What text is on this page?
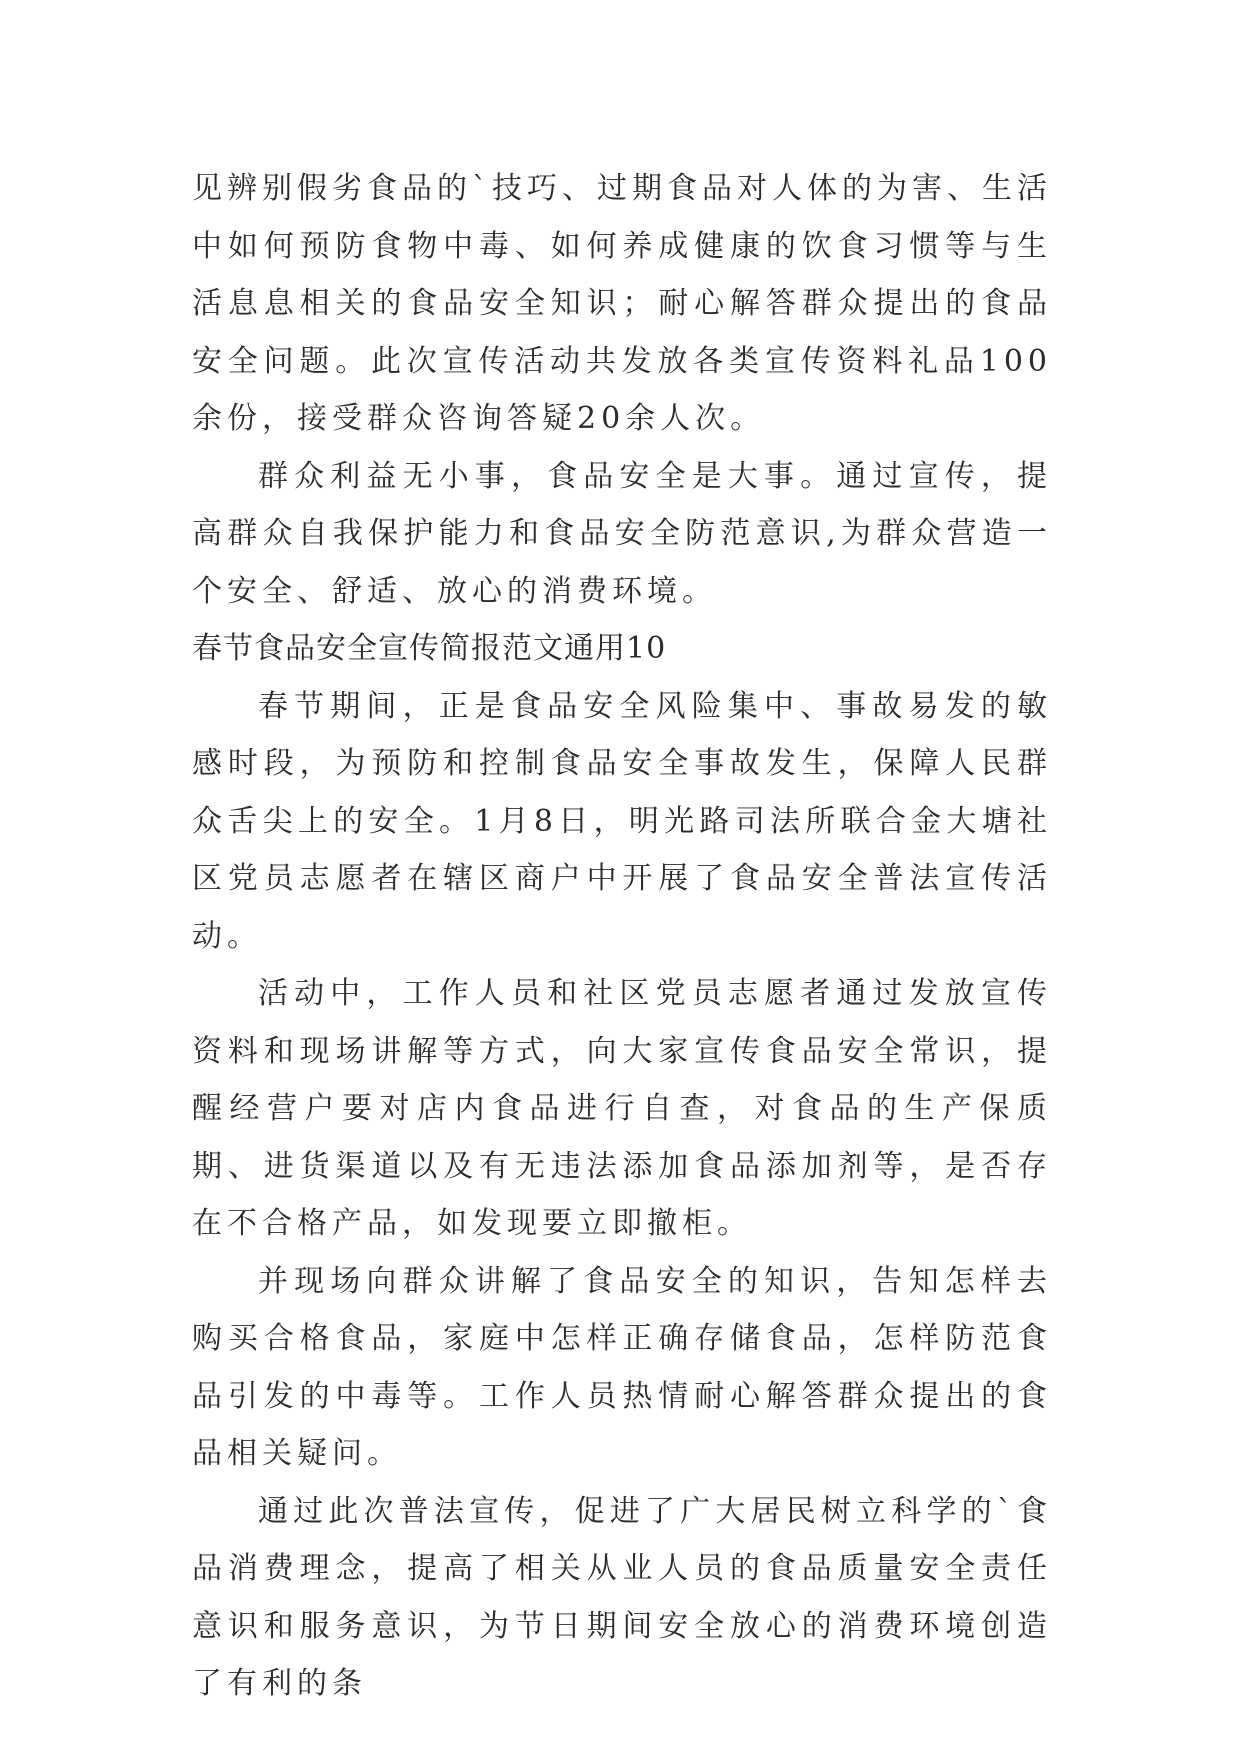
见辨别假劣食品的`技巧、过期食品对人体的为害、生活中如何预防食物中毒、如何养成健康的饮食习惯等与生活息息相关的食品安全知识；耐心解答群众提出的食品安全问题。此次宣传活动共发放各类宣传资料礼品100余份，接受群众咨询答疑20余人次。

群众利益无小事，食品安全是大事。通过宣传，提高群众自我保护能力和食品安全防范意识,为群众营造一个安全、舒适、放心的消费环境。

春节食品安全宣传简报范文通用10

春节期间，正是食品安全风险集中、事故易发的敏感时段，为预防和控制食品安全事故发生，保障人民群众舌尖上的安全。1月8日，明光路司法所联合金大塘社区党员志愿者在辖区商户中开展了食品安全普法宣传活动。

活动中，工作人员和社区党员志愿者通过发放宣传资料和现场讲解等方式，向大家宣传食品安全常识，提醒经营户要对店内食品进行自查，对食品的生产保质期、进货渠道以及有无违法添加食品添加剂等，是否存在不合格产品，如发现要立即撤柜。

并现场向群众讲解了食品安全的知识，告知怎样去购买合格食品，家庭中怎样正确存储食品，怎样防范食品引发的中毒等。工作人员热情耐心解答群众提出的食品相关疑问。

通过此次普法宣传，促进了广大居民树立科学的`食品消费理念，提高了相关从业人员的食品质量安全责任意识和服务意识，为节日期间安全放心的消费环境创造了有利的条
